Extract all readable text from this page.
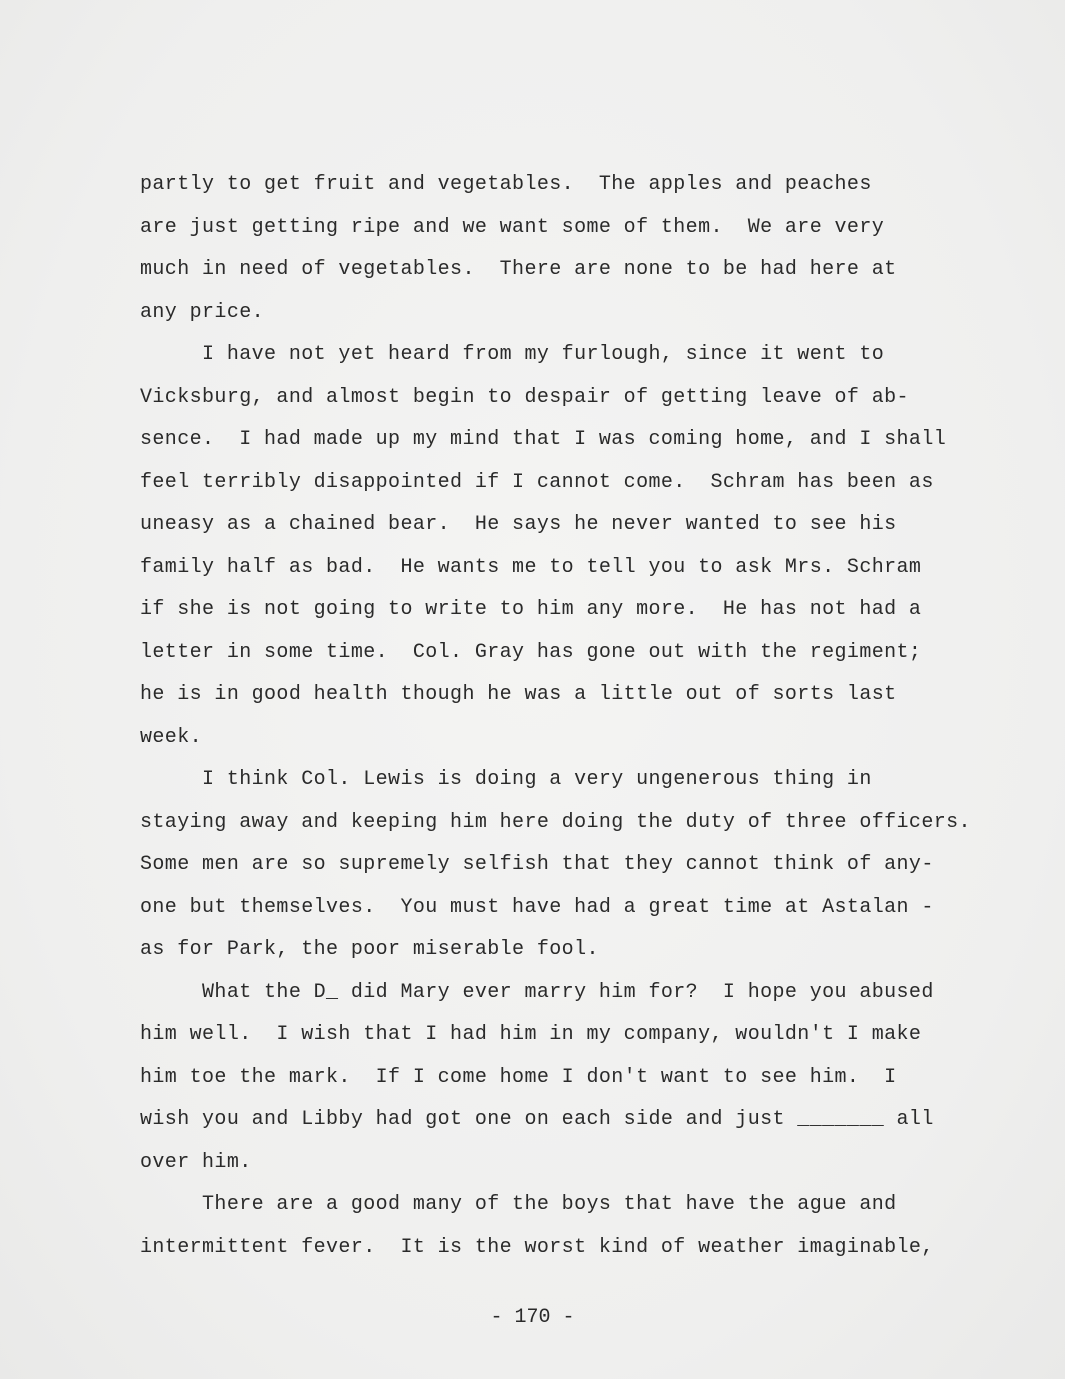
partly to get fruit and vegetables.  The apples and peaches
are just getting ripe and we want some of them.  We are very
much in need of vegetables.  There are none to be had here at
any price.
I have not yet heard from my furlough, since it went to
Vicksburg, and almost begin to despair of getting leave of ab-
sence.  I had made up my mind that I was coming home, and I shall
feel terribly disappointed if I cannot come.  Schram has been as
uneasy as a chained bear.  He says he never wanted to see his
family half as bad.  He wants me to tell you to ask Mrs. Schram
if she is not going to write to him any more.  He has not had a
letter in some time.  Col. Gray has gone out with the regiment;
he is in good health though he was a little out of sorts last
week.
I think Col. Lewis is doing a very ungenerous thing in
staying away and keeping him here doing the duty of three officers.
Some men are so supremely selfish that they cannot think of any-
one but themselves.  You must have had a great time at Astalan -
as for Park, the poor miserable fool.
What the D_ did Mary ever marry him for?  I hope you abused
him well.  I wish that I had him in my company, wouldn't I make
him toe the mark.  If I come home I don't want to see him.  I
wish you and Libby had got one on each side and just _______ all
over him.
There are a good many of the boys that have the ague and
intermittent fever.  It is the worst kind of weather imaginable,
- 170 -
